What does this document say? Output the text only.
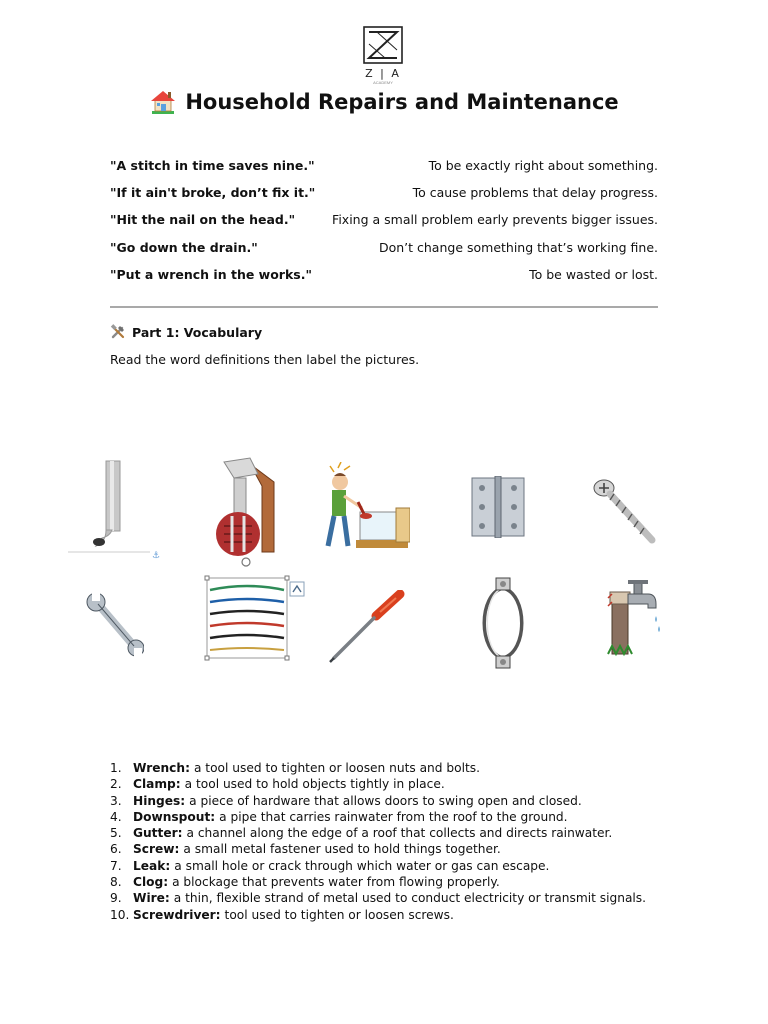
Z | A
ACADEMY
Household Repairs and Maintenance
"A stitch in time saves nine."	To be exactly right about something.
"If it ain't broke, don’t fix it."	To cause problems that delay progress.
"Hit the nail on the head."	Fixing a small problem early prevents bigger issues.
"Go down the drain."	Don’t change something that’s working fine.
"Put a wrench in the works."	To be wasted or lost.
Part 1: Vocabulary
Read the word definitions then label the pictures.
⚓
1. Wrench: a tool used to tighten or loosen nuts and bolts.
2. Clamp: a tool used to hold objects tightly in place.
3. Hinges: a piece of hardware that allows doors to swing open and closed.
4. Downspout: a pipe that carries rainwater from the roof to the ground.
5. Gutter: a channel along the edge of a roof that collects and directs rainwater.
6. Screw: a small metal fastener used to hold things together.
7. Leak: a small hole or crack through which water or gas can escape.
8. Clog: a blockage that prevents water from flowing properly.
9. Wire: a thin, flexible strand of metal used to conduct electricity or transmit signals.
10. Screwdriver: tool used to tighten or loosen screws.
